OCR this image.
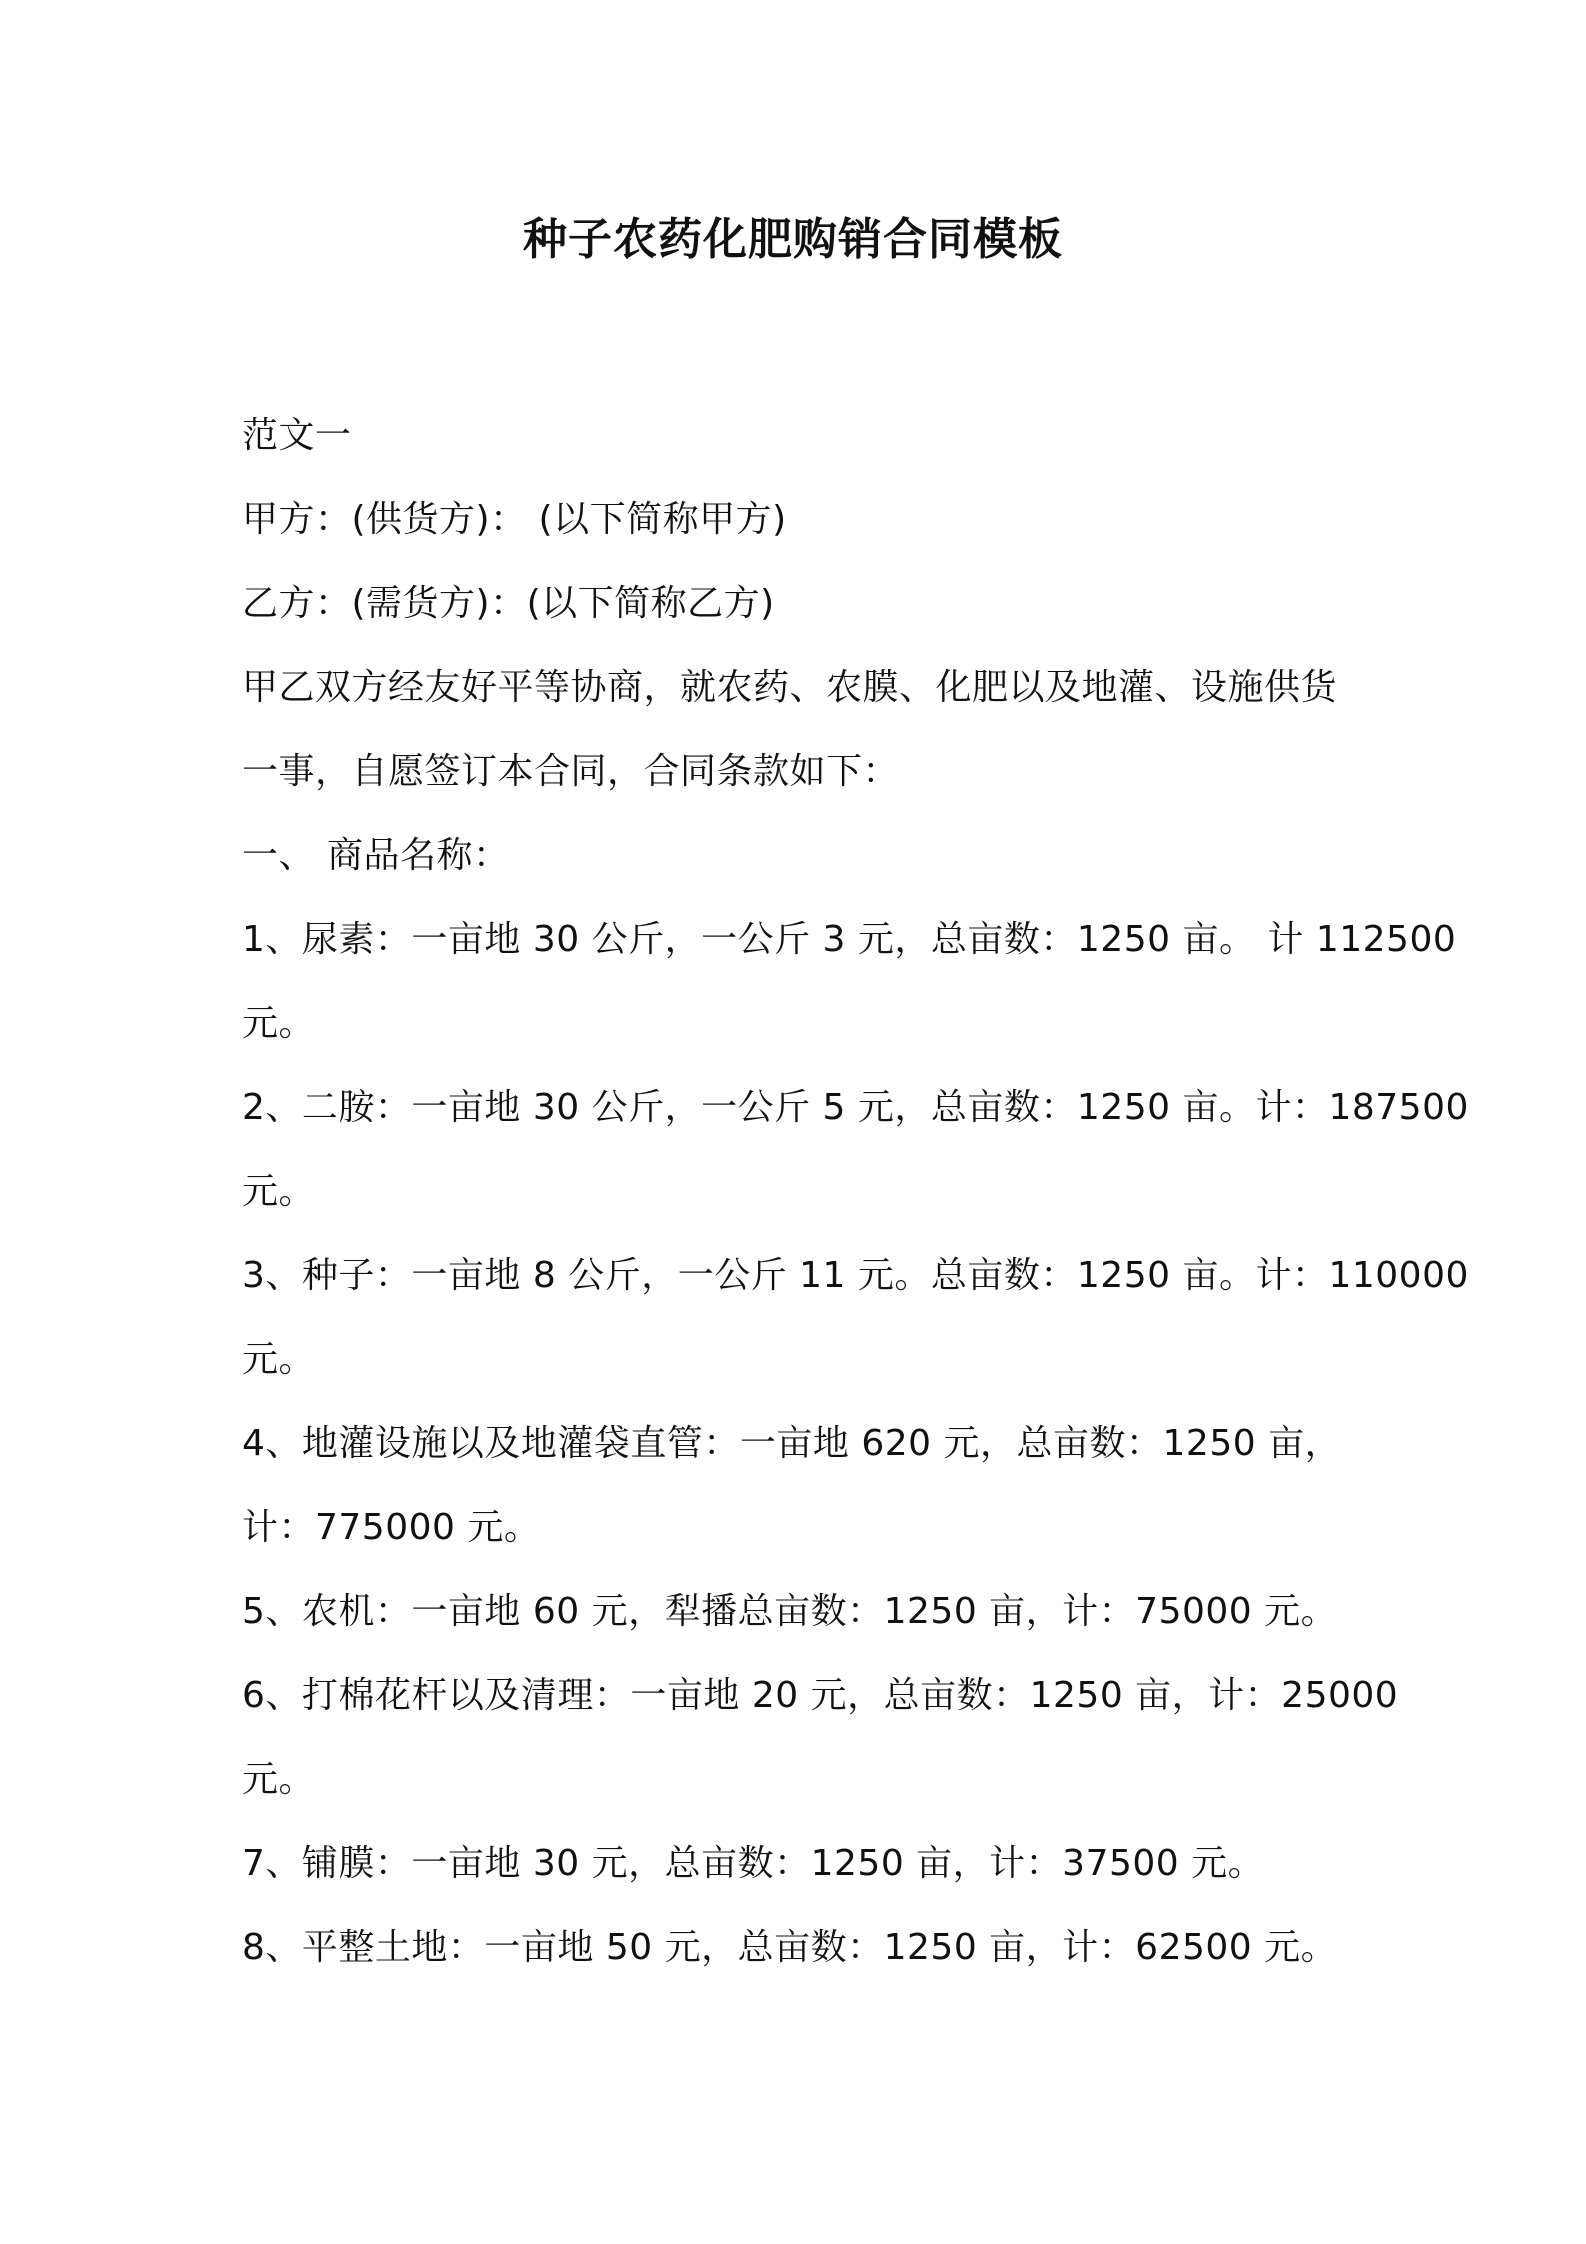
种子农药化肥购销合同模板
范文一
甲方：(供货方)： (以下简称甲方)
乙方：(需货方)：(以下简称乙方)
甲乙双方经友好平等协商，就农药、农膜、化肥以及地灌、设施供货
一事，自愿签订本合同，合同条款如下：
一、 商品名称：
1、尿素：一亩地 30 公斤，一公斤 3 元，总亩数：1250 亩。 计 112500
元。
2、二胺：一亩地 30 公斤，一公斤 5 元，总亩数：1250 亩。计：187500
元。
3、种子：一亩地 8 公斤，一公斤 11 元。总亩数：1250 亩。计：110000
元。
4、地灌设施以及地灌袋直管：一亩地 620 元，总亩数：1250 亩，
计：775000 元。
5、农机：一亩地 60 元，犁播总亩数：1250 亩，计：75000 元。
6、打棉花杆以及清理：一亩地 20 元，总亩数：1250 亩，计：25000
元。
7、铺膜：一亩地 30 元，总亩数：1250 亩，计：37500 元。
8、平整土地：一亩地 50 元，总亩数：1250 亩，计：62500 元。
